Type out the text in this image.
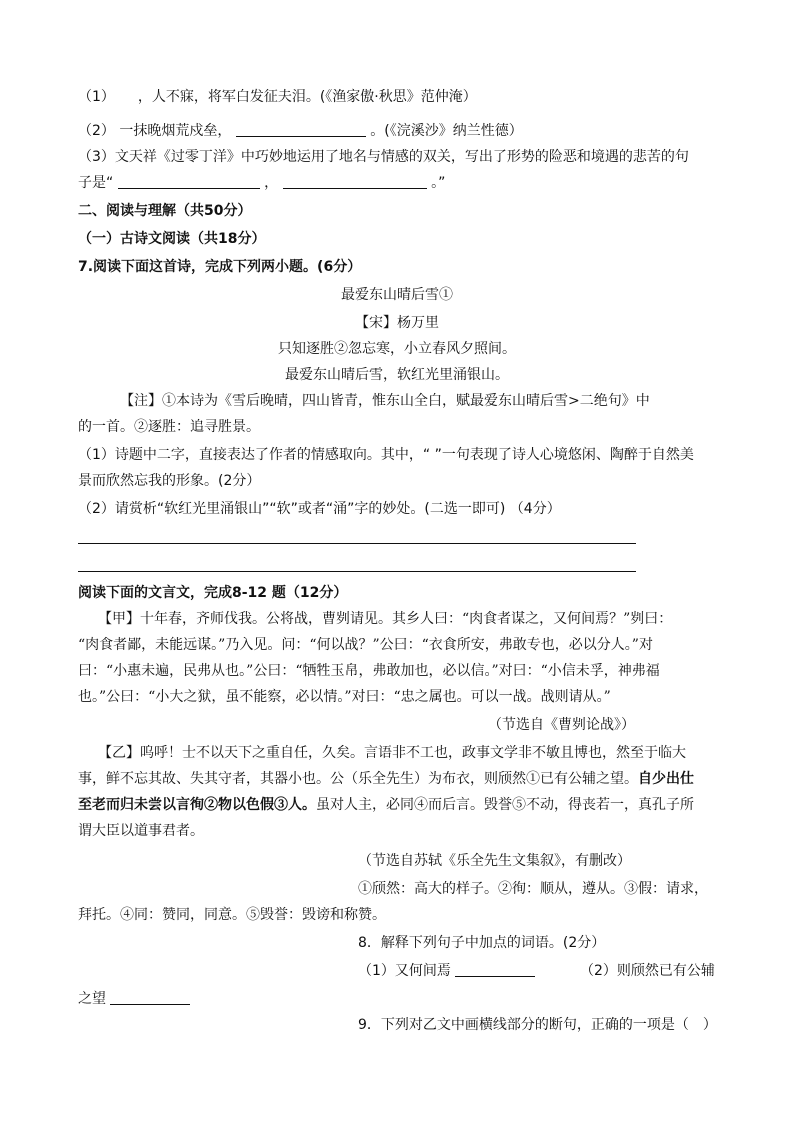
（1） ，人不寐，将军白发征夫泪。(《渔家傲·秋思》范仲淹）
（2） 一抹晚烟荒戍垒，	。(《浣溪沙》纳兰性德）
（3）文天祥《过零丁洋》中巧妙地运用了地名与情感的双关，写出了形势的险恶和境遇的悲苦的句
子是“	，	。”
二、阅读与理解（共50分）
（一）古诗文阅读（共18分）
7.阅读下面这首诗，完成下列两小题。(6分）
最爱东山晴后雪①
【宋】杨万里
只知逐胜②忽忘寒，小立春风夕照间。
最爱东山晴后雪，软红光里涌银山。
【注】①本诗为《雪后晚晴，四山皆青，惟东山全白，赋最爱东山晴后雪>二绝句》中
的一首。②逐胜：追寻胜景。
（1）诗题中二字，直接表达了作者的情感取向。其中，“ ”一句表现了诗人心境悠闲、陶醉于自然美
景而欣然忘我的形象。(2分）
（2）请赏析“软红光里涌银山”“软”或者“涌”字的妙处。(二选一即可) （4分）
阅读下面的文言文，完成8-12 题（12分）
【甲】十年春，齐师伐我。公将战，曹刿请见。其乡人曰：“肉食者谋之，又何间焉？”刿曰：
“肉食者鄙，未能远谋。”乃入见。问：“何以战？”公曰：“衣食所安，弗敢专也，必以分人。”对
曰：“小惠未遍，民弗从也。”公曰：“牺牲玉帛，弗敢加也，必以信。”对曰：“小信未孚，神弗福
也。”公曰：“小大之狱，虽不能察，必以情。”对曰：“忠之属也。可以一战。战则请从。”
（节选自《曹刿论战》）
【乙】呜呼！士不以天下之重自任，久矣。言语非不工也，政事文学非不敏且博也，然至于临大
事，鲜不忘其故、失其守者，其器小也。公（乐全先生）为布衣，则颀然①已有公辅之望。自少出仕
至老而归未尝以言徇②物以色假③人。虽对人主，必同④而后言。毁誉⑤不动，得丧若一，真孔子所
谓大臣以道事君者。
（节选自苏轼《乐全先生文集叙》，有删改）
①颀然：高大的样子。②徇：顺从，遵从。③假：请求，
拜托。④同：赞同，同意。⑤毁誉：毁谤和称赞。
8．解释下列句子中加点的词语。(2分）
（1）又何间焉	（2）则颀然已有公辅
之望
9．下列对乙文中画横线部分的断句，正确的一项是（　）
